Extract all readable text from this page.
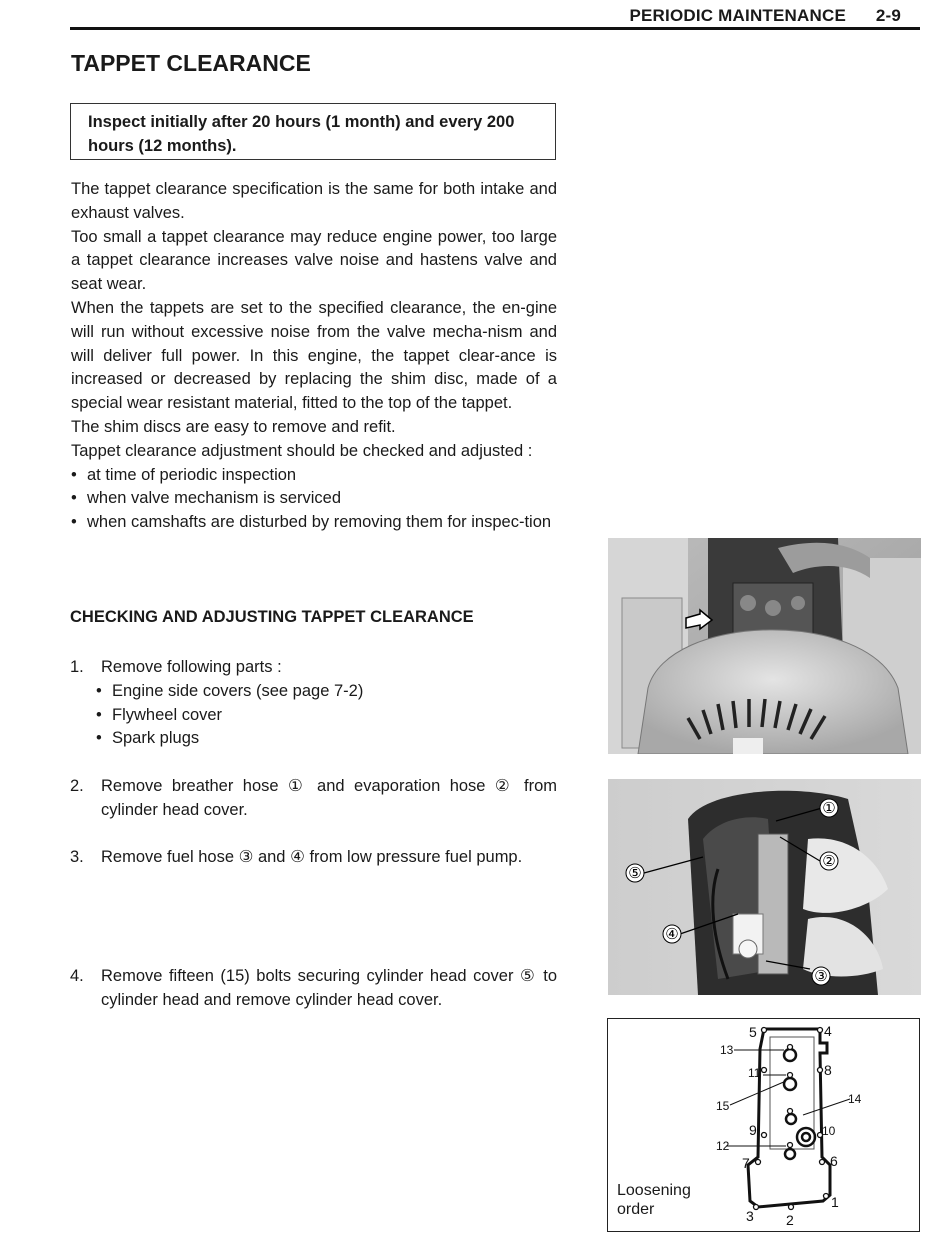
PERIODIC MAINTENANCE 2-9
TAPPET CLEARANCE
Inspect initially after 20 hours (1 month) and every 200 hours (12 months).

The tappet clearance specification is the same for both intake and exhaust valves.

Too small a tappet clearance may reduce engine power, too large a tappet clearance increases valve noise and hastens valve and seat wear.

When the tappets are set to the specified clearance, the en-gine will run without excessive noise from the valve mecha-nism and will deliver full power. In this engine, the tappet clear-ance is increased or decreased by replacing the shim disc, made of a special wear resistant material, fitted to the top of the tappet.

The shim discs are easy to remove and refit.

Tappet clearance adjustment should be checked and adjusted :

• at time of periodic inspection
• when valve mechanism is serviced
• when camshafts are disturbed by removing them for inspec-tion
CHECKING AND ADJUSTING TAPPET CLEARANCE
1. Remove following parts :
• Engine side covers (see page 7-2)
• Flywheel cover
• Spark plugs
2. Remove breather hose ① and evaporation hose ② from cylinder head cover.
3. Remove fuel hose ③ and ④ from low pressure fuel pump.
4. Remove fifteen (15) bolts securing cylinder head cover ⑤ to cylinder head and remove cylinder head cover.
①
②
③
④
⑤
1
2
3
4
5
6
7
8
9	10
11
12
13
14
15
Loosening
order
